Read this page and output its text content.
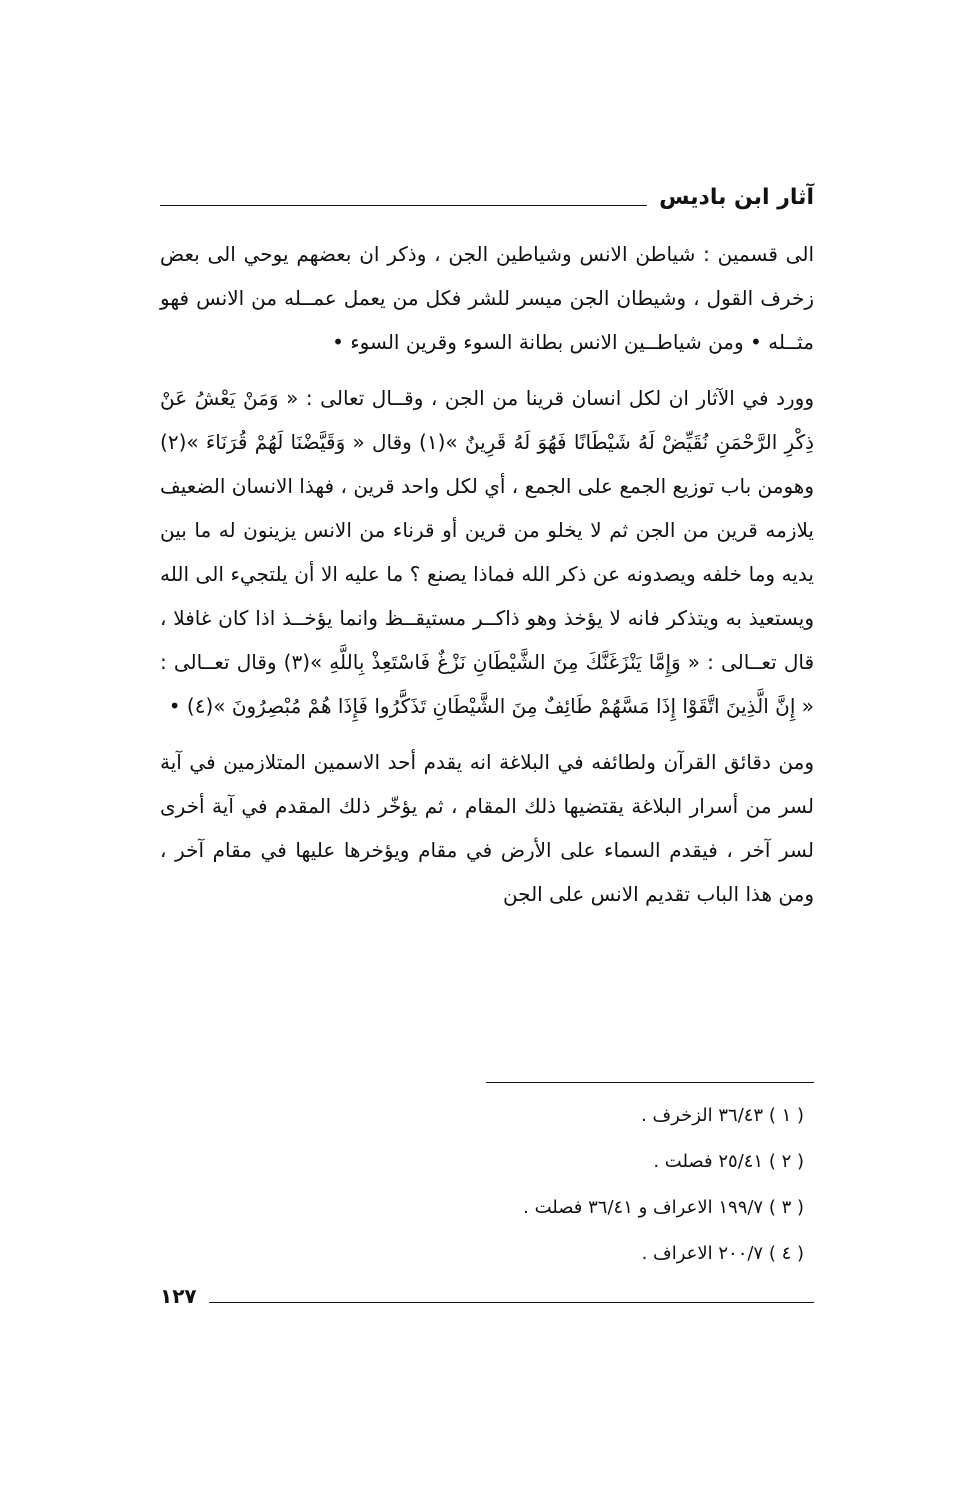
آثار ابن باديس

الى قسمين : شياطن الانس وشياطين الجن ، وذكر ان بعضهم يوحي الى بعض زخرف القول ، وشيطان الجن ميسر للشر فكل من يعمل عمــله من الانس فهو مثــله • ومن شياطــين الانس بطانة السوء وقرين السوء •

وورد في الآثار ان لكل انسان قرينا من الجن ، وقــال تعالى : « وَمَنْ يَعْشُ عَنْ ذِكْرِ الرَّحْمَنِ نُقَيِّضْ لَهُ شَيْطَانًا فَهُوَ لَهُ قَرِينٌ »(١) وقال « وَقَيَّضْنَا لَهُمْ قُرَنَاءَ »(٢) وهومن باب توزيع الجمع على الجمع ، أي لكل واحد قرين ، فهذا الانسان الضعيف يلازمه قرين من الجن ثم لا يخلو من قرين أو قرناء من الانس يزينون له ما بين يديه وما خلفه ويصدونه عن ذكر الله فماذا يصنع ؟ ما عليه الا أن يلتجيء الى الله ويستعيذ به ويتذكر فانه لا يؤخذ وهو ذاكــر مستيقــظ وانما يؤخــذ اذا كان غافلا ، قال تعــالى : « وَإِمَّا يَنْزَغَنَّكَ مِنَ الشَّيْطَانِ نَزْغٌ فَاسْتَعِذْ بِاللَّهِ »(٣) وقال تعــالى : « إِنَّ الَّذِينَ اتَّقَوْا إِذَا مَسَّهُمْ طَائِفٌ مِنَ الشَّيْطَانِ تَذَكَّرُوا فَإِذَا هُمْ مُبْصِرُونَ »(٤) •

ومن دقائق القرآن ولطائفه في البلاغة انه يقدم أحد الاسمين المتلازمين في آية لسر من أسرار البلاغة يقتضيها ذلك المقام ، ثم يؤخّر ذلك المقدم في آية أخرى لسر آخر ، فيقدم السماء على الأرض في مقام ويؤخرها عليها في مقام آخر ، ومن هذا الباب تقديم الانس على الجن

( ١ ) ٣٦/٤٣ الزخرف .
( ٢ ) ٢٥/٤١ فصلت .
( ٣ ) ١٩٩/٧ الاعراف و ٣٦/٤١ فصلت .
( ٤ ) ٢٠٠/٧ الاعراف .
١٢٧
